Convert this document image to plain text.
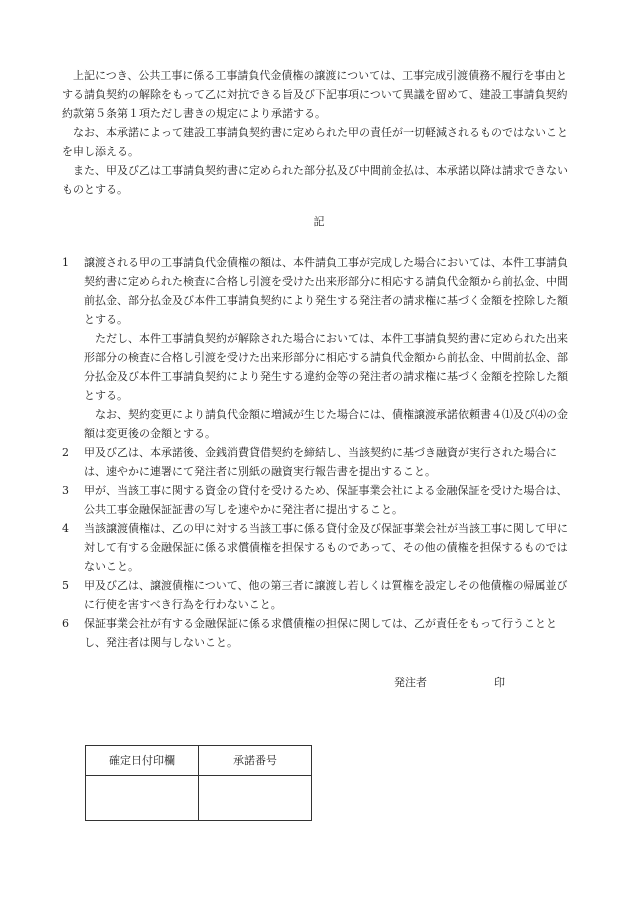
上記につき、公共工事に係る工事請負代金債権の譲渡については、工事完成引渡債務不履行を事由とする請負契約の解除をもって乙に対抗できる旨及び下記事項について異議を留めて、建設工事請負契約約款第５条第１項ただし書きの規定により承諾する。

なお、本承諾によって建設工事請負契約書に定められた甲の責任が一切軽減されるものではないことを申し添える。

また、甲及び乙は工事請負契約書に定められた部分払及び中間前金払は、本承諾以降は請求できないものとする。

記
1	譲渡される甲の工事請負代金債権の額は、本件請負工事が完成した場合においては、本件工事請負契約書に定められた検査に合格し引渡を受けた出来形部分に相応する請負代金額から前払金、中間前払金、部分払金及び本件工事請負契約により発生する発注者の請求権に基づく金額を控除した額とする。

ただし、本件工事請負契約が解除された場合においては、本件工事請負契約書に定められた出来形部分の検査に合格し引渡を受けた出来形部分に相応する請負代金額から前払金、中間前払金、部分払金及び本件工事請負契約により発生する違約金等の発注者の請求権に基づく金額を控除した額とする。

なお、契約変更により請負代金額に増減が生じた場合には、債権譲渡承諾依頼書４⑴及び⑷の金額は変更後の金額とする。

2	甲及び乙は、本承諾後、金銭消費貸借契約を締結し、当該契約に基づき融資が実行された場合には、速やかに連署にて発注者に別紙の融資実行報告書を提出すること。
3	甲が、当該工事に関する資金の貸付を受けるため、保証事業会社による金融保証を受けた場合は、公共工事金融保証証書の写しを速やかに発注者に提出すること。
4	当該譲渡債権は、乙の甲に対する当該工事に係る貸付金及び保証事業会社が当該工事に関して甲に対して有する金融保証に係る求償債権を担保するものであって、その他の債権を担保するものではないこと。
5	甲及び乙は、譲渡債権について、他の第三者に譲渡し若しくは質権を設定しその他債権の帰属並びに行使を害すべき行為を行わないこと。
6	保証事業会社が有する金融保証に係る求償債権の担保に関しては、乙が責任をもって行うこととし、発注者は関与しないこと。
発注者	印
確定日付印欄	承諾番号
